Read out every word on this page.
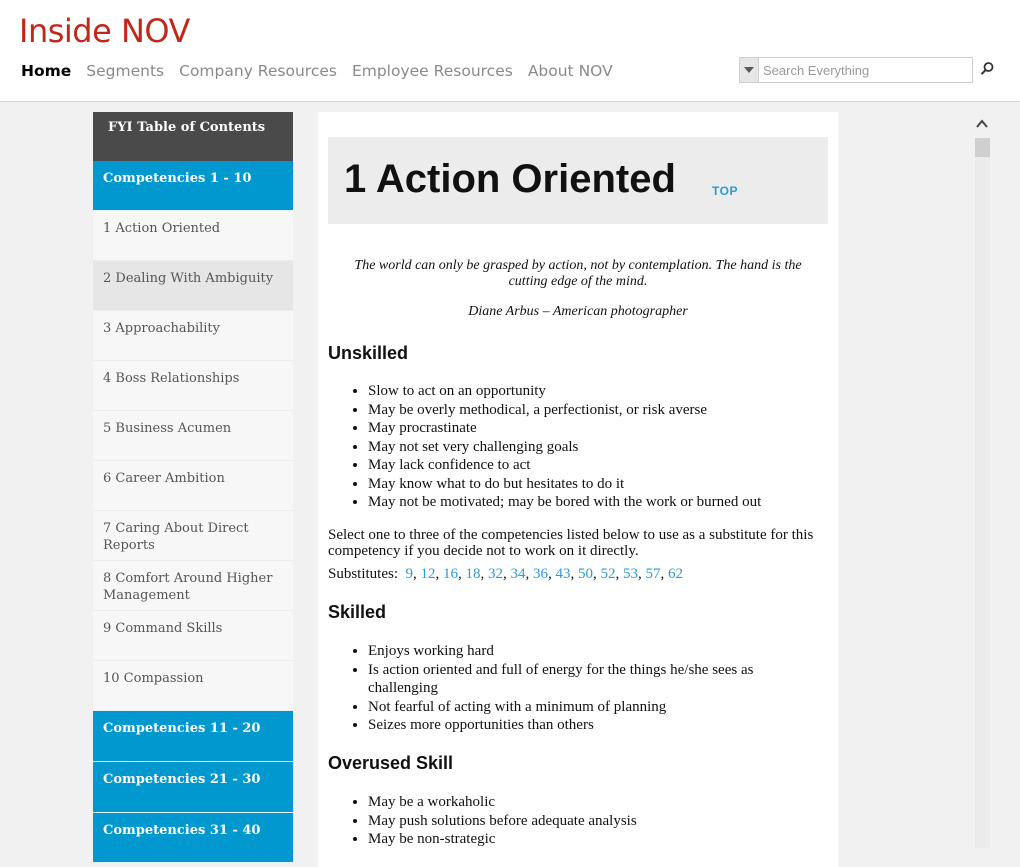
Inside NOV
Home Segments Company Resources Employee Resources About NOV
Search Everything
FYI Table of Contents
Competencies 1 - 10
1 Action Oriented
2 Dealing With Ambiguity
3 Approachability
4 Boss Relationships
5 Business Acumen
6 Career Ambition
7 Caring About Direct Reports
8 Comfort Around Higher Management
9 Command Skills
10 Compassion
Competencies 11 - 20
Competencies 21 - 30
Competencies 31 - 40
1 Action Oriented	TOP
The world can only be grasped by action, not by contemplation. The hand is the cutting edge of the mind.
Diane Arbus – American photographer
Unskilled
• Slow to act on an opportunity
• May be overly methodical, a perfectionist, or risk averse
• May procrastinate
• May not set very challenging goals
• May lack confidence to act
• May know what to do but hesitates to do it
• May not be motivated; may be bored with the work or burned out
Select one to three of the competencies listed below to use as a substitute for this competency if you decide not to work on it directly.
Substitutes: 9, 12, 16, 18, 32, 34, 36, 43, 50, 52, 53, 57, 62
Skilled
• Enjoys working hard
• Is action oriented and full of energy for the things he/she sees as challenging
• Not fearful of acting with a minimum of planning
• Seizes more opportunities than others
Overused Skill
• May be a workaholic
• May push solutions before adequate analysis
• May be non-strategic
